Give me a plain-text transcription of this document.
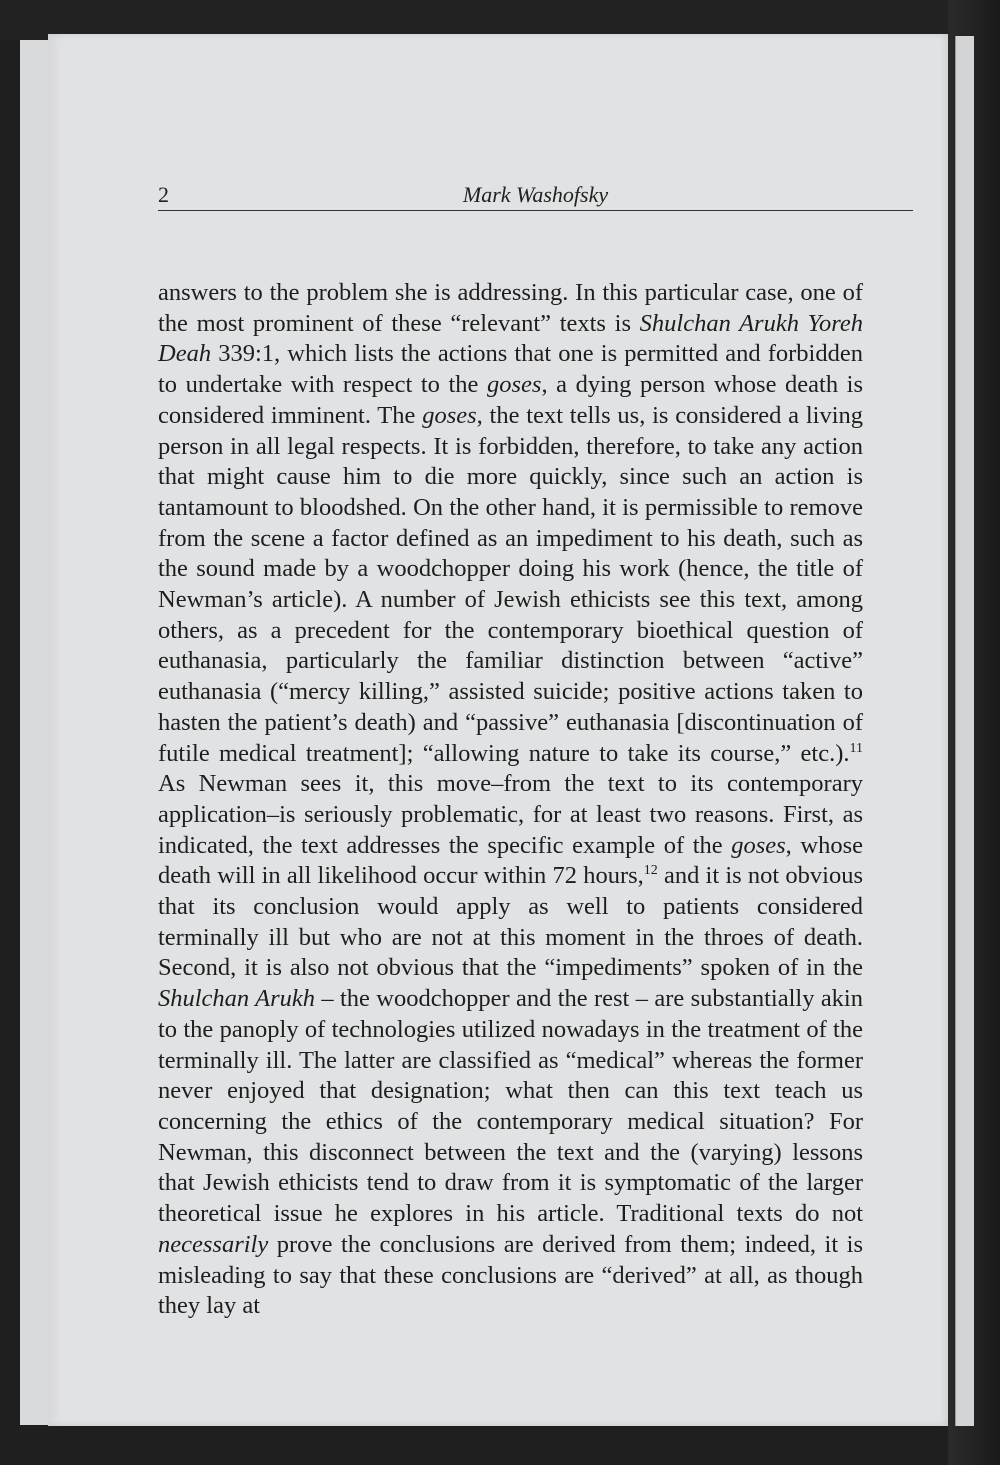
2	Mark Washofsky

answers to the problem she is addressing. In this particular case, one of the most prominent of these “relevant” texts is Shulchan Arukh Yoreh Deah 339:1, which lists the actions that one is permitted and forbidden to undertake with respect to the goses, a dying person whose death is considered imminent. The goses, the text tells us, is considered a living person in all legal respects. It is forbidden, therefore, to take any action that might cause him to die more quickly, since such an action is tantamount to bloodshed. On the other hand, it is permissible to remove from the scene a factor defined as an impediment to his death, such as the sound made by a woodchopper doing his work (hence, the title of Newman’s article). A number of Jewish ethicists see this text, among others, as a precedent for the contemporary bioethical question of euthanasia, particularly the familiar distinction between “active” euthanasia (“mercy killing,” assisted suicide; positive actions taken to hasten the patient’s death) and “passive” euthanasia [discontinuation of futile medical treatment]; “allowing nature to take its course,” etc.).$^{11}$ As Newman sees it, this move–from the text to its contemporary application–is seriously problematic, for at least two reasons. First, as indicated, the text addresses the specific example of the goses, whose death will in all likelihood occur within 72 hours,$^{12}$ and it is not obvious that its conclusion would apply as well to patients considered terminally ill but who are not at this moment in the throes of death. Second, it is also not obvious that the “impediments” spoken of in the Shulchan Arukh – the woodchopper and the rest – are substantially akin to the panoply of technologies utilized nowadays in the treatment of the terminally ill. The latter are classified as “medical” whereas the former never enjoyed that designation; what then can this text teach us concerning the ethics of the contemporary medical situation? For Newman, this disconnect between the text and the (varying) lessons that Jewish ethicists tend to draw from it is symptomatic of the larger theoretical issue he explores in his article. Traditional texts do not necessarily prove the conclusions are derived from them; indeed, it is misleading to say that these conclusions are “derived” at all, as though they lay at
